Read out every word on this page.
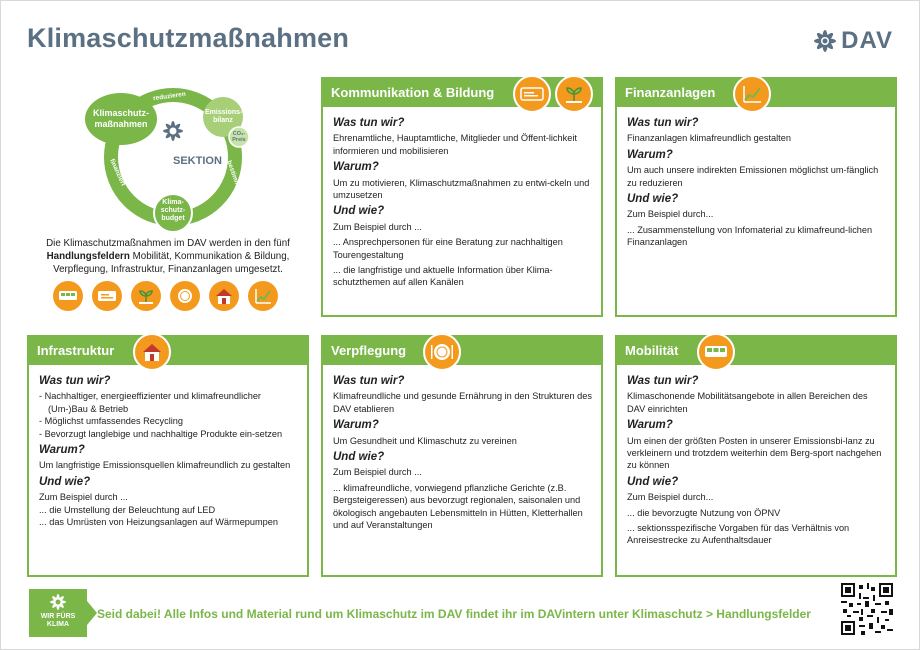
Klimaschutzmaßnahmen	DAV
Klimaschutz-
maßnahmen
Emissions-
bilanz
CO₂-
Preis
Klima-
schutz-
budget
reduzieren
bestimmt
finanziert	SEKTION
Die Klimaschutzmaßnahmen im DAV werden in den fünf Handlungsfeldern Mobilität, Kommunikation & Bildung, Verpflegung, Infrastruktur, Finanzanlagen umgesetzt.
Kommunikation & Bildung
Was tun wir?
Ehrenamtliche, Hauptamtliche, Mitglieder und Öffent-lichkeit informieren und mobilisieren
Warum?
Um zu motivieren, Klimaschutzmaßnahmen zu entwi-ckeln und umzusetzen
Und wie?
Zum Beispiel durch ...
... Ansprechpersonen für eine Beratung zur nachhaltigen Tourengestaltung
... die langfristige und aktuelle Information über Klima-schutzthemen auf allen Kanälen
Finanzanlagen
Was tun wir?
Finanzanlagen klimafreundlich gestalten
Warum?
Um auch unsere indirekten Emissionen möglichst um-fänglich zu reduzieren
Und wie?
Zum Beispiel durch...
... Zusammenstellung von Infomaterial zu klimafreund-lichen Finanzanlagen
Infrastruktur
Was tun wir?
- Nachhaltiger, energieeffizienter und klimafreundlicher (Um-)Bau & Betrieb
- Möglichst umfassendes Recycling
- Bevorzugt langlebige und nachhaltige Produkte ein-setzen
Warum?
Um langfristige Emissionsquellen klimafreundlich zu gestalten
Und wie?
Zum Beispiel durch ...
... die Umstellung der Beleuchtung auf LED
... das Umrüsten von Heizungsanlagen auf Wärmepumpen
Verpflegung
Was tun wir?
Klimafreundliche und gesunde Ernährung in den Strukturen des DAV etablieren
Warum?
Um Gesundheit und Klimaschutz zu vereinen
Und wie?
Zum Beispiel durch ...
... klimafreundliche, vorwiegend pflanzliche Gerichte (z.B. Bergsteigeressen) aus bevorzugt regionalen, saisonalen und ökologisch angebauten Lebensmitteln in Hütten, Kletterhallen und auf Veranstaltungen
Mobilität
Was tun wir?
Klimaschonende Mobilitätsangebote in allen Bereichen des DAV einrichten
Warum?
Um einen der größten Posten in unserer Emissionsbi-lanz zu verkleinern und trotzdem weiterhin dem Berg-sport nachgehen zu können
Und wie?
Zum Beispiel durch...
... die bevorzugte Nutzung von ÖPNV
... sektionsspezifische Vorgaben für das Verhältnis von Anreisestrecke zu Aufenthaltsdauer
WIR FÜRS
KLIMA
Seid dabei! Alle Infos und Material rund um Klimaschutz im DAV findet ihr im DAVintern unter Klimaschutz > Handlungsfelder
